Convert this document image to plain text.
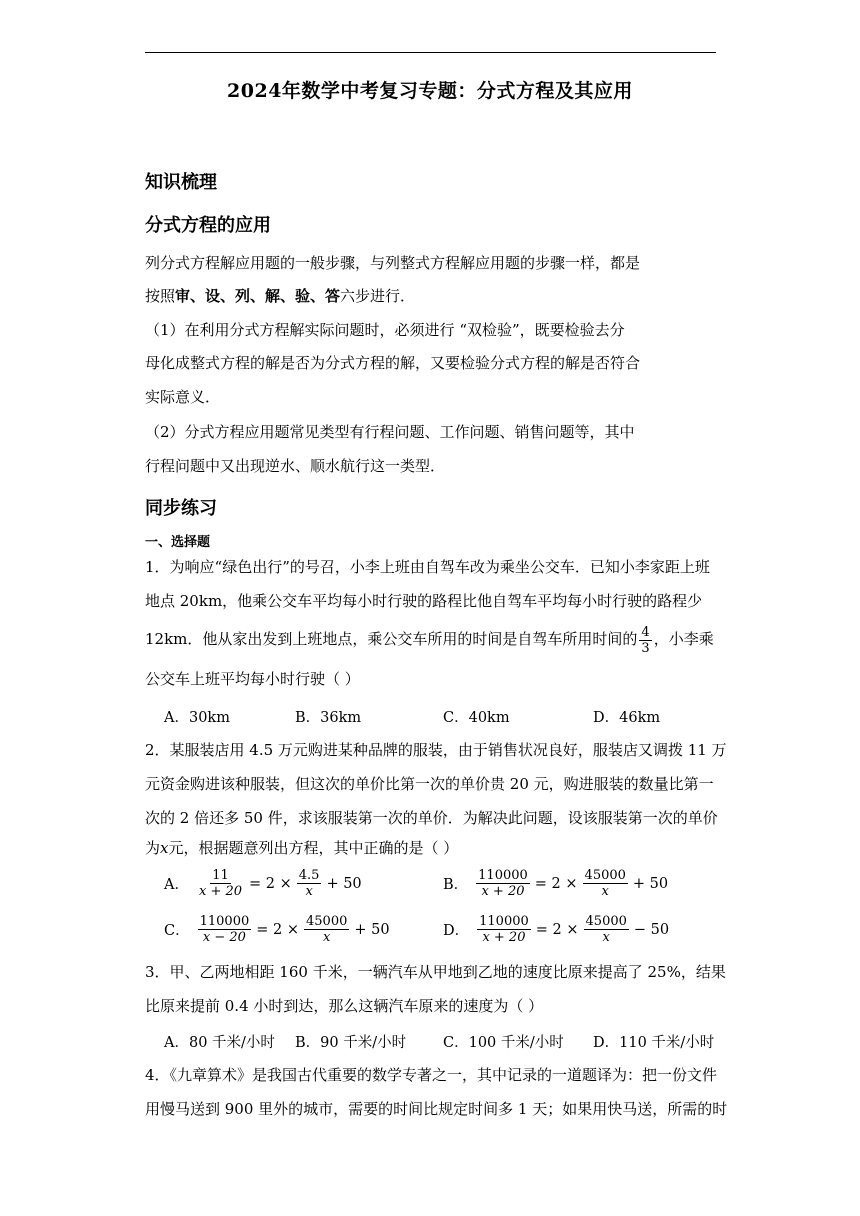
2024年数学中考复习专题：分式方程及其应用
知识梳理
分式方程的应用
列分式方程解应用题的一般步骤，与列整式方程解应用题的步骤一样，都是
按照审、设、列、解、验、答六步进行．
（1）在利用分式方程解实际问题时，必须进行 “双检验”，既要检验去分
母化成整式方程的解是否为分式方程的解，又要检验分式方程的解是否符合
实际意义．
（2）分式方程应用题常见类型有行程问题、工作问题、销售问题等，其中
行程问题中又出现逆水、顺水航行这一类型．
同步练习
一、选择题
1．为响应“绿色出行”的号召，小李上班由自驾车改为乘坐公交车．已知小李家距上班
地点 20km，他乘公交车平均每小时行驶的路程比他自驾车平均每小时行驶的路程少
12km．他从家出发到上班地点，乘公交车所用的时间是自驾车所用时间的 $\frac{4}{3}$ ，小李乘
公交车上班平均每小时行驶（ ）
A．30km	B．36km	C．40km	D．46km
2．某服装店用 4.5 万元购进某种品牌的服装，由于销售状况良好，服装店又调拨 11 万
元资金购进该种服装，但这次的单价比第一次的单价贵 20 元，购进服装的数量比第一
次的 2 倍还多 50 件，求该服装第一次的单价．为解决此问题，设该服装第一次的单价
为x元，根据题意列出方程，其中正确的是（ ）
A． $\frac{11}{x + 20} = 2 \times \frac{4.5}{x} + 50$	B． $\frac{110000}{x + 20} = 2 \times \frac{45000}{x} + 50$
C． $\frac{110000}{x - 20} = 2 \times \frac{45000}{x} + 50$	D． $\frac{110000}{x + 20} = 2 \times \frac{45000}{x} - 50$
3．甲、乙两地相距 160 千米，一辆汽车从甲地到乙地的速度比原来提高了 25%，结果
比原来提前 0.4 小时到达，那么这辆汽车原来的速度为（ ）
A．80 千米/小时 B．90 千米/小时	C．100 千米/小时 D．110 千米/小时
4．《九章算术》是我国古代重要的数学专著之一，其中记录的一道题译为：把一份文件
用慢马送到 900 里外的城市，需要的时间比规定时间多 1 天；如果用快马送，所需的时
